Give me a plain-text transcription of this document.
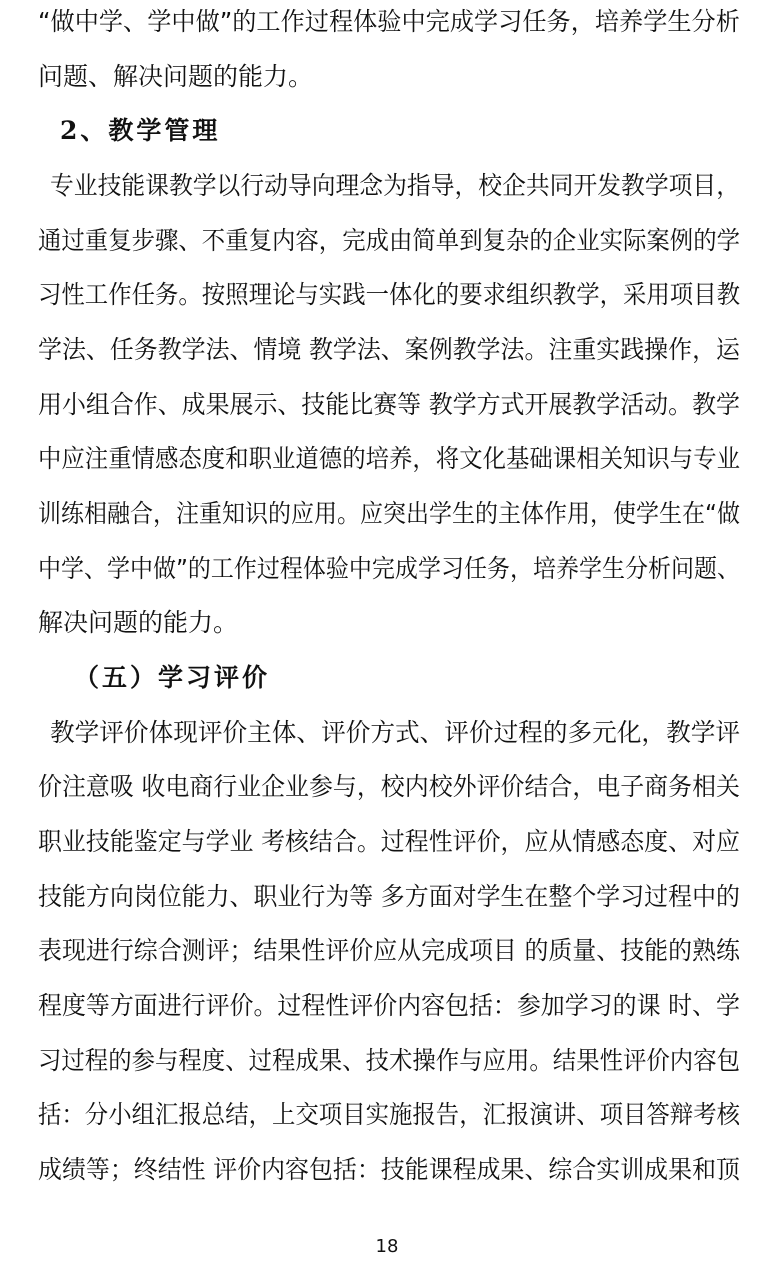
“做中学、学中做”的工作过程体验中完成学习任务，培养学生分析
问题、解决问题的能力。
2、教学管理
专业技能课教学以行动导向理念为指导，校企共同开发教学项目，
通过重复步骤、不重复内容，完成由简单到复杂的企业实际案例的学
习性工作任务。按照理论与实践一体化的要求组织教学，采用项目教
学法、任务教学法、情境 教学法、案例教学法。注重实践操作，运
用小组合作、成果展示、技能比赛等 教学方式开展教学活动。教学
中应注重情感态度和职业道德的培养，将文化基础课相关知识与专业
训练相融合，注重知识的应用。应突出学生的主体作用，使学生在“做
中学、学中做”的工作过程体验中完成学习任务，培养学生分析问题、
解决问题的能力。
（五）学习评价
教学评价体现评价主体、评价方式、评价过程的多元化，教学评
价注意吸 收电商行业企业参与，校内校外评价结合，电子商务相关
职业技能鉴定与学业 考核结合。过程性评价，应从情感态度、对应
技能方向岗位能力、职业行为等 多方面对学生在整个学习过程中的
表现进行综合测评；结果性评价应从完成项目 的质量、技能的熟练
程度等方面进行评价。过程性评价内容包括：参加学习的课 时、学
习过程的参与程度、过程成果、技术操作与应用。结果性评价内容包
括：分小组汇报总结，上交项目实施报告，汇报演讲、项目答辩考核
成绩等；终结性 评价内容包括：技能课程成果、综合实训成果和顶
18
